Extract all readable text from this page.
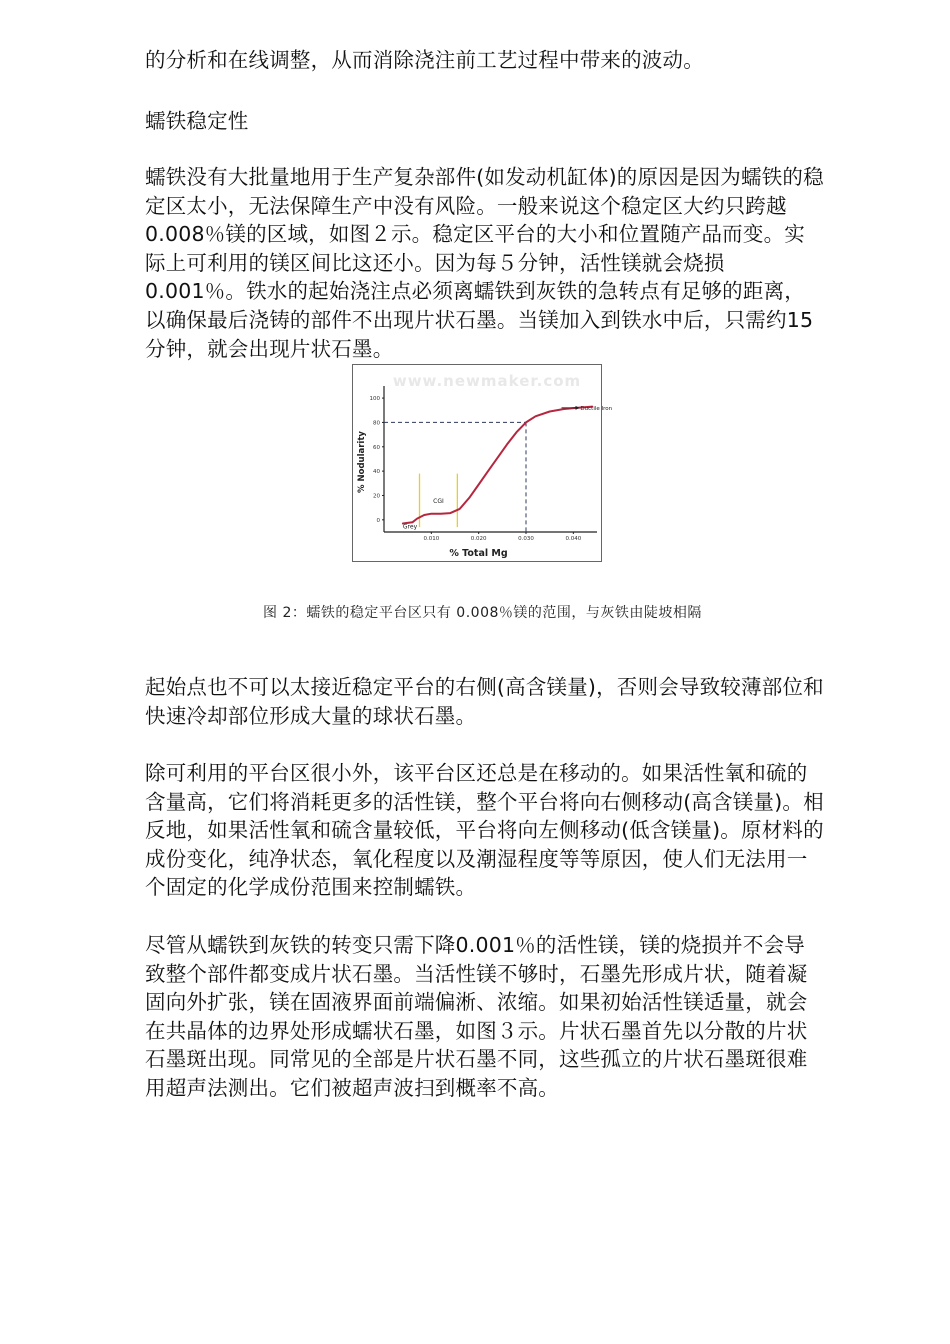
的分析和在线调整，从而消除浇注前工艺过程中带来的波动。
蠕铁稳定性
蠕铁没有大批量地用于生产复杂部件(如发动机缸体)的原因是因为蠕铁的稳
定区太小，无法保障生产中没有风险。一般来说这个稳定区大约只跨越
0.008％镁的区域，如图２示。稳定区平台的大小和位置随产品而变。实
际上可利用的镁区间比这还小。因为每５分钟，活性镁就会烧损
0.001％。铁水的起始浇注点必须离蠕铁到灰铁的急转点有足够的距离，
以确保最后浇铸的部件不出现片状石墨。当镁加入到铁水中后，只需约15
分钟，就会出现片状石墨。
www.newmaker.com
0
20
40
60
80
100
0.010	0.020	0.030	0.040
% Total Mg
% Nodularity
Grey
CGI
Ductile Iron
图 2：蠕铁的稳定平台区只有 0.008％镁的范围，与灰铁由陡坡相隔
起始点也不可以太接近稳定平台的右侧(高含镁量)，否则会导致较薄部位和
快速冷却部位形成大量的球状石墨。
除可利用的平台区很小外，该平台区还总是在移动的。如果活性氧和硫的
含量高，它们将消耗更多的活性镁，整个平台将向右侧移动(高含镁量)。相
反地，如果活性氧和硫含量较低，平台将向左侧移动(低含镁量)。原材料的
成份变化，纯净状态，氧化程度以及潮湿程度等等原因，使人们无法用一
个固定的化学成份范围来控制蠕铁。
尽管从蠕铁到灰铁的转变只需下降0.001％的活性镁，镁的烧损并不会导
致整个部件都变成片状石墨。当活性镁不够时，石墨先形成片状，随着凝
固向外扩张，镁在固液界面前端偏淅、浓缩。如果初始活性镁适量，就会
在共晶体的边界处形成蠕状石墨，如图３示。片状石墨首先以分散的片状
石墨斑出现。同常见的全部是片状石墨不同，这些孤立的片状石墨斑很难
用超声法测出。它们被超声波扫到概率不高。
